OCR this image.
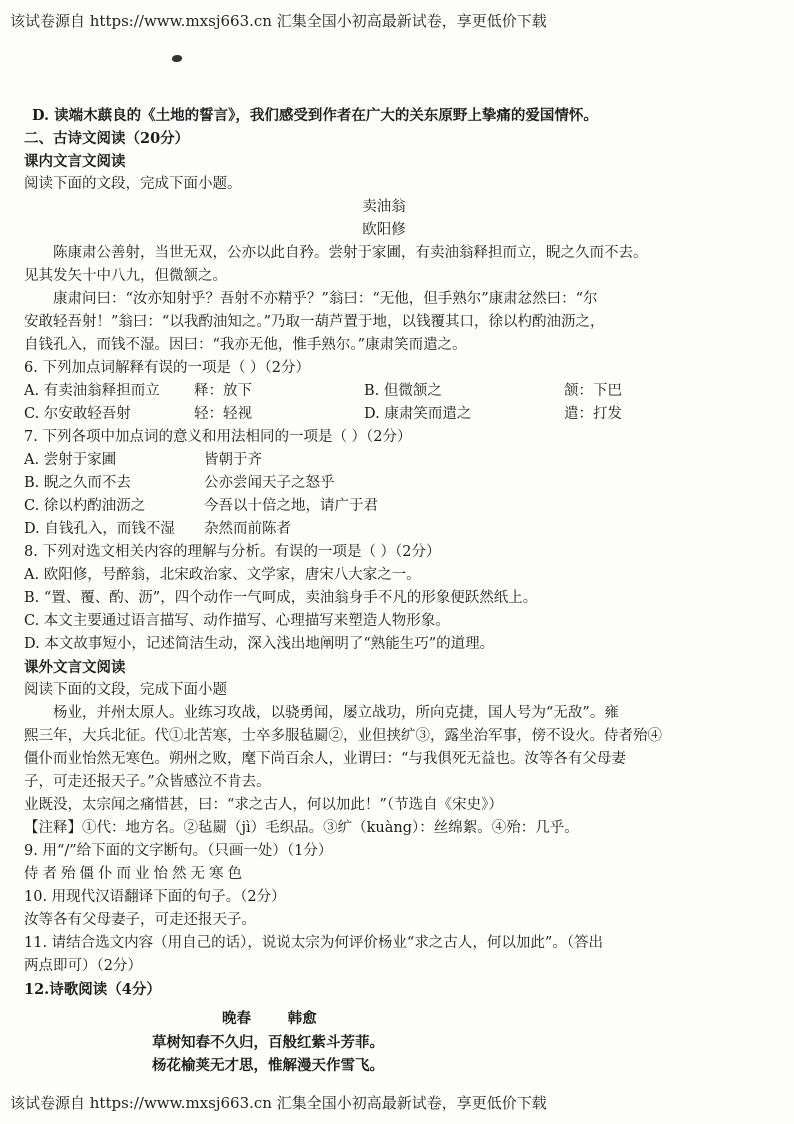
该试卷源自 https://www.mxsj663.cn 汇集全国小初高最新试卷，享更低价下载

D. 读端木蕻良的《土地的誓言》，我们感受到作者在广大的关东原野上挚痛的爱国情怀。

二、古诗文阅读（20分）

课内文言文阅读

阅读下面的文段，完成下面小题。

卖油翁

欧阳修

陈康肃公善射，当世无双，公亦以此自矜。尝射于家圃，有卖油翁释担而立，睨之久而不去。

见其发矢十中八九，但微颔之。

康肃问曰：“汝亦知射乎？吾射不亦精乎？”翁曰：“无他，但手熟尔”康肃忿然曰：“尔

安敢轻吾射！”翁曰：“以我酌油知之。”乃取一葫芦置于地，以钱覆其口，徐以杓酌油沥之，

自钱孔入，而钱不湿。因曰：“我亦无他，惟手熟尔。”康肃笑而遣之。

6. 下列加点词解释有误的一项是（ ）（2分）

A. 有卖油翁释担而立	释：放下	B. 但微颔之	颔：下巴
C. 尔安敢轻吾射	轻：轻视	D. 康肃笑而遣之	遣：打发

7. 下列各项中加点词的意义和用法相同的一项是（ ）（2分）

A. 尝射于家圃	皆朝于齐
B. 睨之久而不去	公亦尝闻天子之怒乎
C. 徐以杓酌油沥之	今吾以十倍之地，请广于君
D. 自钱孔入，而钱不湿	杂然而前陈者

8. 下列对选文相关内容的理解与分析。有误的一项是（ ）（2分）

A. 欧阳修，号醉翁，北宋政治家、文学家，唐宋八大家之一。

B. “置、覆、酌、沥”，四个动作一气呵成，卖油翁身手不凡的形象便跃然纸上。

C. 本文主要通过语言描写、动作描写、心理描写来塑造人物形象。

D. 本文故事短小，记述简洁生动，深入浅出地阐明了“熟能生巧”的道理。

课外文言文阅读

阅读下面的文段，完成下面小题

杨业，并州太原人。业练习攻战，以骁勇闻，屡立战功，所向克捷，国人号为“无敌”。雍

熙三年，大兵北征。代①北苦寒，士卒多服毡罽②，业但挟纩③，露坐治军事，傍不设火。侍者殆④

僵仆而业怡然无寒色。朔州之败，麾下尚百余人，业谓曰：“与我俱死无益也。汝等各有父母妻

子，可走还报天子。”众皆感泣不肯去。

业既没，太宗闻之痛惜甚，曰：“求之古人，何以加此！”（节选自《宋史》）

【注释】①代：地方名。②毡罽（jì）毛织品。③纩（kuàng）：丝绵絮。④殆：几乎。

9. 用“/”给下面的文字断句。（只画一处）（1分）

侍者殆僵仆而业怡然无寒色

10. 用现代汉语翻译下面的句子。（2分）

汝等各有父母妻子，可走还报天子。

11. 请结合选文内容（用自己的话），说说太宗为何评价杨业“求之古人，何以加此”。（答出

两点即可）（2分）

12.诗歌阅读（4分）

晚春	韩愈

草树知春不久归，百般红紫斗芳菲。

杨花榆荚无才思，惟解漫天作雪飞。

该试卷源自 https://www.mxsj663.cn 汇集全国小初高最新试卷，享更低价下载
